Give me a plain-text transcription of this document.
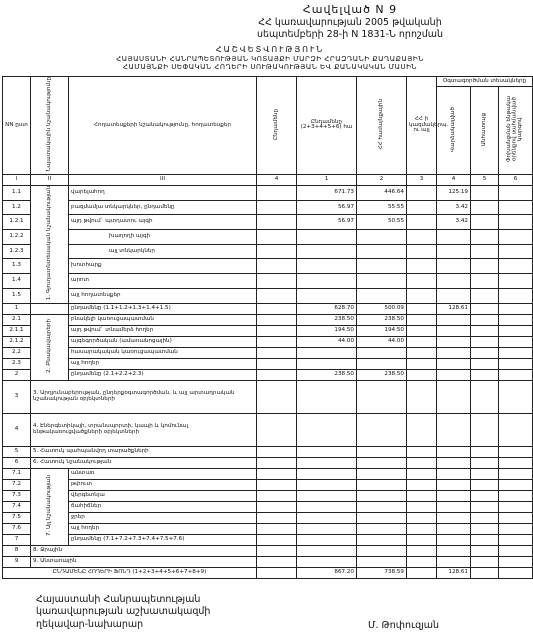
Հավելված N 9
ՀՀ կառավարության 2005 թվականի
սեպտեմբերի 28-ի N 1831-Ն որոշման
ՀԱՇՎԵՏՎՈՒԹՅՈՒՆ
ՀԱՅԱՍՏԱՆԻ ՀԱՆՐԱՊԵՏՈՒԹՅԱՆ ԿՈՏԱՅՔԻ ՄԱՐԶԻ ՀՐԱԶԴԱՆԻ ՔԱՂԱՔԱՅԻՆ
ՀԱՄԱՅՆՔԻ ՍԵՓԱԿԱՆ ՀՈՂԵՐԻ ՍՈՒԹԱԿՈՒԹՅԱՆ ԵՎ ՔԱՆԱԿԱԿԱՆ ՄԱՍԻՆ
NN ըստ	Նպատակային նշանակությունը	Հողատեսքերի նշանակությունը, հողատեսքեր	Ընդամենը	Ընդամենը (2+3+4+5+6) հա	ՀՀ համայնքային	ՀՀ ի կազմակերպ. ու այլ	Օգտագործման տեսակները		
							Վարձակալված	Անհատույց	Փոխանցման ենթակա օրենքով սահմանված կարգով
I	II	III	4	1	2	3	4	5	6
1.1	1. Գյուղատնտեսական նշանակության	վարելահող		671.73	446.64		125.19		
1.2		բազմամյա տնկարկներ, ընդամենը		56.97	55.55		3.42		
1.2.1		այդ թվում` պտղատու այգի		56.97	50.55		3.42		
1.2.2		խաղողի այգի							
1.2.3		այլ տնկարկներ							
1.3		խոտհարք							
1.4		արոտ							
1.5		այլ հողատեսքեր							
1		ընդամենը (1.1+1.2+1.3+1.4+1.5)		628.70	500.09		128.61		
2.1	2. Բնակավայրերի	բնակելի կառուցապատման		238.50	238.50				
2.1.1		այդ թվում` տնամերձ հողեր		194.50	194.50				
2.1.2		այգեգործական (ամառանոցային)		44.00	44.00				
2.2		հասարակական կառուցապատման							
2.3		այլ հողեր							
2		ընդամենը (2.1+2.2+2.3)		238.50	238.50				
3	3. Արդյունաբերության, ընդերքօգտագործման, և այլ արտադրական նշանակության օբյեկտների								
4	4. Էներգետիկայի, տրանսպորտի, կապի և կոմունալ ենթակառուցվածքների օբյեկտների								
5	5. Հատուկ պահպանվող տարածքների								
6	6. Հատուկ նշանակության								
7.1	7. Այլ նշանակության	անտառ							
7.2		թփուտ							
7.3		վերգետնյա							
7.4		ճահիճներ							
7.5		ջրեր							
7.6		այլ հողեր							
7		ընդամենը (7.1+7.2+7.3+7.4+7.5+7.6)							
8	8. Ջրային								
9	9. Անտառային								
ԸՆԴԱՄԵՆԸ ՀՈՂԵՐԻ ՖՈՆԴ (1+2+3+4+5+6+7+8+9)				867.20	738.59		128.61		
Հայաստանի Հանրապետության
կառավարության աշխատակազմի
ղեկավար-նախարար	Մ. Թոփուզյան
